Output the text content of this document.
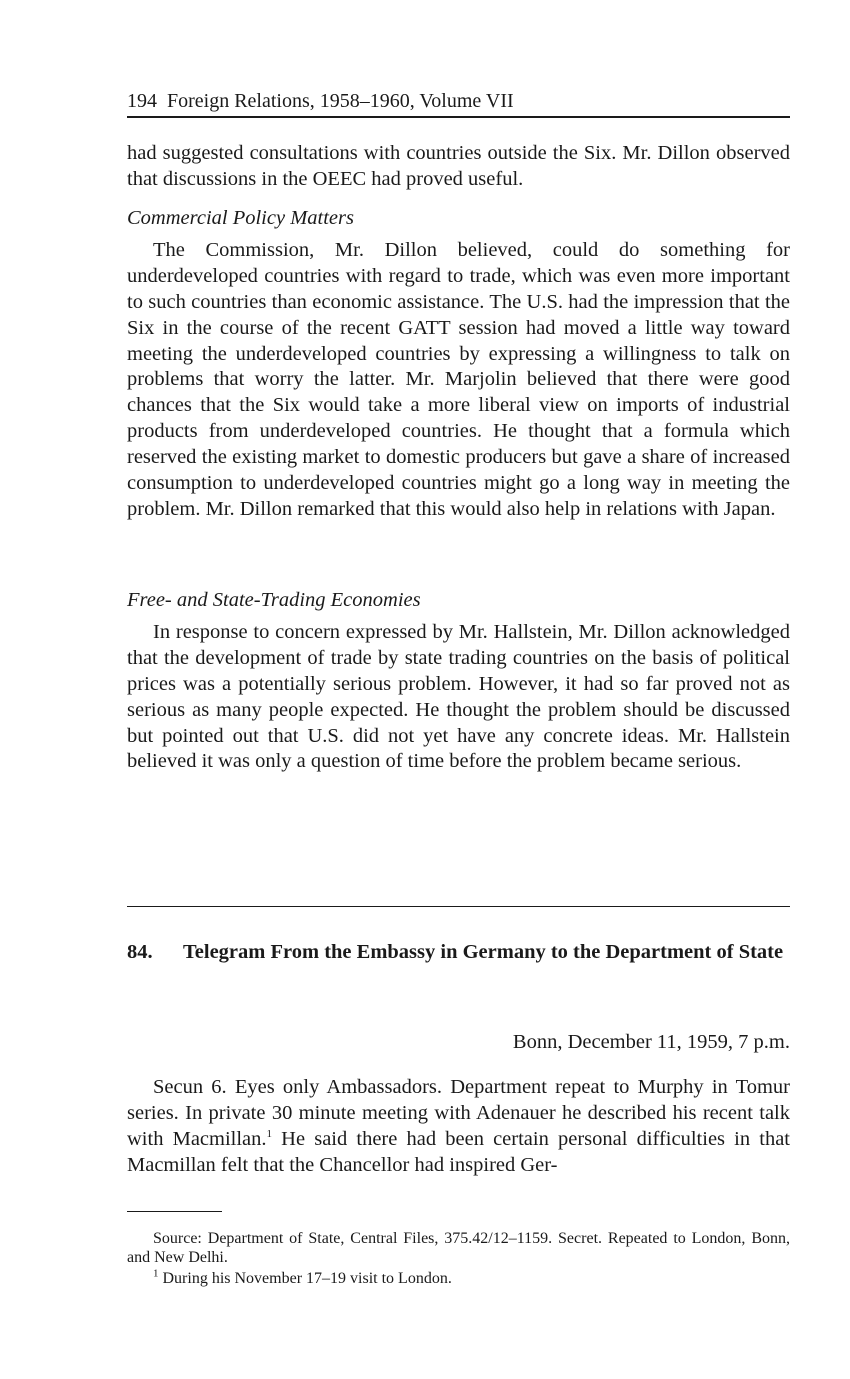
194 Foreign Relations, 1958–1960, Volume VII

had suggested consultations with countries outside the Six. Mr. Dillon observed that discussions in the OEEC had proved useful.

Commercial Policy Matters

The Commission, Mr. Dillon believed, could do something for underdeveloped countries with regard to trade, which was even more important to such countries than economic assistance. The U.S. had the impression that the Six in the course of the recent GATT session had moved a little way toward meeting the underdeveloped countries by expressing a willingness to talk on problems that worry the latter. Mr. Marjolin believed that there were good chances that the Six would take a more liberal view on imports of industrial products from underdeveloped countries. He thought that a formula which reserved the existing market to domestic producers but gave a share of increased consumption to underdeveloped countries might go a long way in meeting the problem. Mr. Dillon remarked that this would also help in relations with Japan.

Free- and State-Trading Economies

In response to concern expressed by Mr. Hallstein, Mr. Dillon acknowledged that the development of trade by state trading countries on the basis of political prices was a potentially serious problem. However, it had so far proved not as serious as many people expected. He thought the problem should be discussed but pointed out that U.S. did not yet have any concrete ideas. Mr. Hallstein believed it was only a question of time before the problem became serious.

84.	Telegram From the Embassy in Germany to the Department of State
Bonn, December 11, 1959, 7 p.m.

Secun 6. Eyes only Ambassadors. Department repeat to Murphy in Tomur series. In private 30 minute meeting with Adenauer he described his recent talk with Macmillan.$^1$ He said there had been certain personal difficulties in that Macmillan felt that the Chancellor had inspired Ger-

Source: Department of State, Central Files, 375.42/12–1159. Secret. Repeated to London, Bonn, and New Delhi.

$^1$ During his November 17–19 visit to London.
